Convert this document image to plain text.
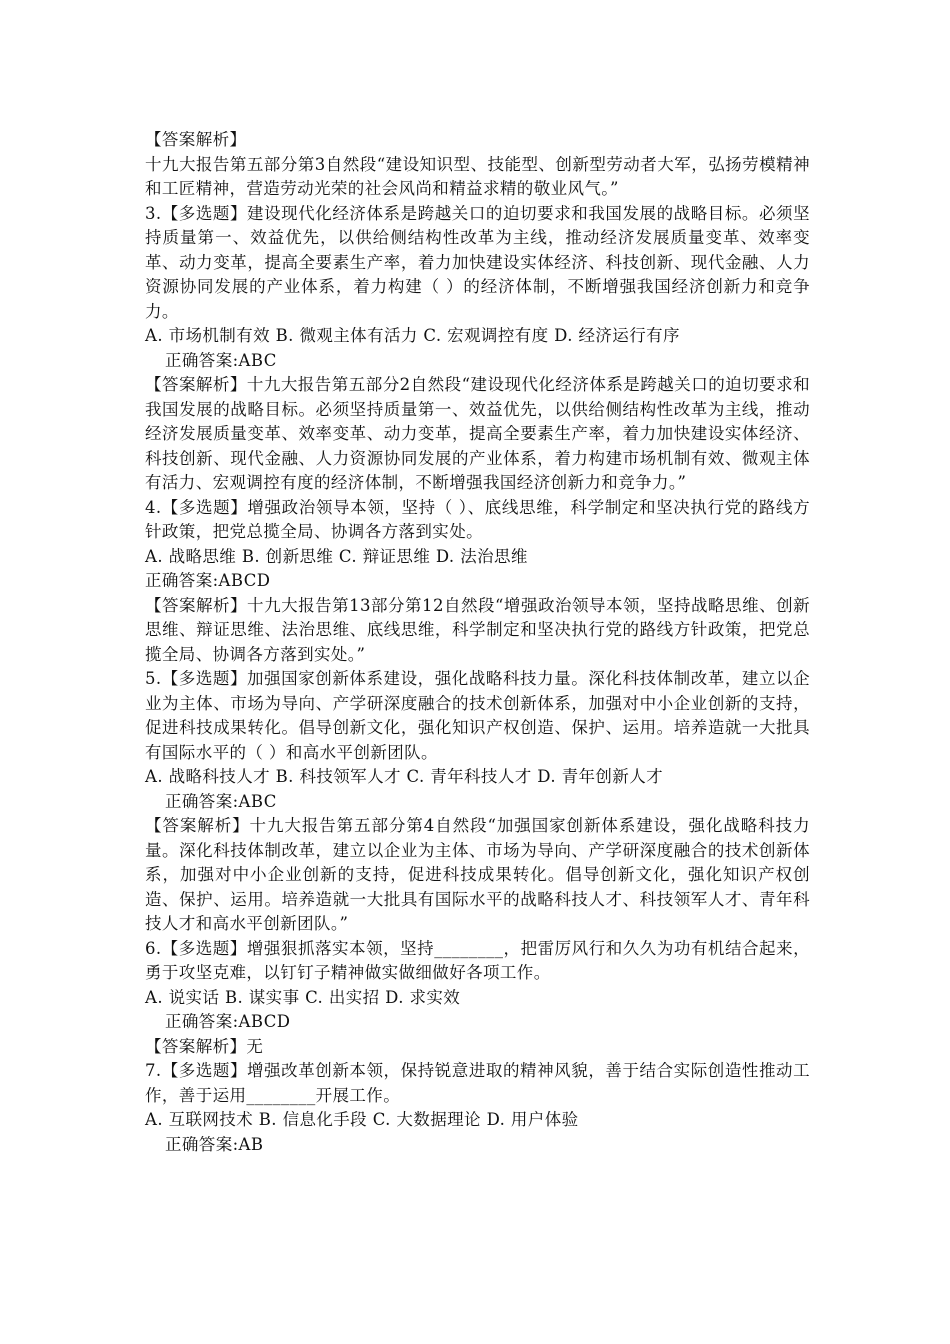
【答案解析】

十九大报告第五部分第3自然段“建设知识型、技能型、创新型劳动者大军，弘扬劳模精神和工匠精神，营造劳动光荣的社会风尚和精益求精的敬业风气。”

3.【多选题】建设现代化经济体系是跨越关口的迫切要求和我国发展的战略目标。必须坚持质量第一、效益优先，以供给侧结构性改革为主线，推动经济发展质量变革、效率变革、动力变革，提高全要素生产率，着力加快建设实体经济、科技创新、现代金融、人力资源协同发展的产业体系，着力构建（ ）的经济体制，不断增强我国经济创新力和竞争力。

A. 市场机制有效 B. 微观主体有活力 C. 宏观调控有度 D. 经济运行有序

正确答案:ABC

【答案解析】十九大报告第五部分2自然段“建设现代化经济体系是跨越关口的迫切要求和我国发展的战略目标。必须坚持质量第一、效益优先，以供给侧结构性改革为主线，推动经济发展质量变革、效率变革、动力变革，提高全要素生产率，着力加快建设实体经济、科技创新、现代金融、人力资源协同发展的产业体系，着力构建市场机制有效、微观主体有活力、宏观调控有度的经济体制，不断增强我国经济创新力和竞争力。”

4.【多选题】增强政治领导本领，坚持（ ）、底线思维，科学制定和坚决执行党的路线方针政策，把党总揽全局、协调各方落到实处。

A. 战略思维 B. 创新思维 C. 辩证思维 D. 法治思维

正确答案:ABCD

【答案解析】十九大报告第13部分第12自然段“增强政治领导本领，坚持战略思维、创新思维、辩证思维、法治思维、底线思维，科学制定和坚决执行党的路线方针政策，把党总揽全局、协调各方落到实处。”

5.【多选题】加强国家创新体系建设，强化战略科技力量。深化科技体制改革，建立以企业为主体、市场为导向、产学研深度融合的技术创新体系，加强对中小企业创新的支持，促进科技成果转化。倡导创新文化，强化知识产权创造、保护、运用。培养造就一大批具有国际水平的（ ）和高水平创新团队。

A. 战略科技人才 B. 科技领军人才 C. 青年科技人才 D. 青年创新人才

正确答案:ABC

【答案解析】十九大报告第五部分第4自然段“加强国家创新体系建设，强化战略科技力量。深化科技体制改革，建立以企业为主体、市场为导向、产学研深度融合的技术创新体系，加强对中小企业创新的支持，促进科技成果转化。倡导创新文化，强化知识产权创造、保护、运用。培养造就一大批具有国际水平的战略科技人才、科技领军人才、青年科技人才和高水平创新团队。”

6.【多选题】增强狠抓落实本领，坚持________，把雷厉风行和久久为功有机结合起来，勇于攻坚克难，以钉钉子精神做实做细做好各项工作。

A. 说实话 B. 谋实事 C. 出实招 D. 求实效

正确答案:ABCD

【答案解析】无

7.【多选题】增强改革创新本领，保持锐意进取的精神风貌，善于结合实际创造性推动工作，善于运用________开展工作。

A. 互联网技术 B. 信息化手段 C. 大数据理论 D. 用户体验

正确答案:AB
